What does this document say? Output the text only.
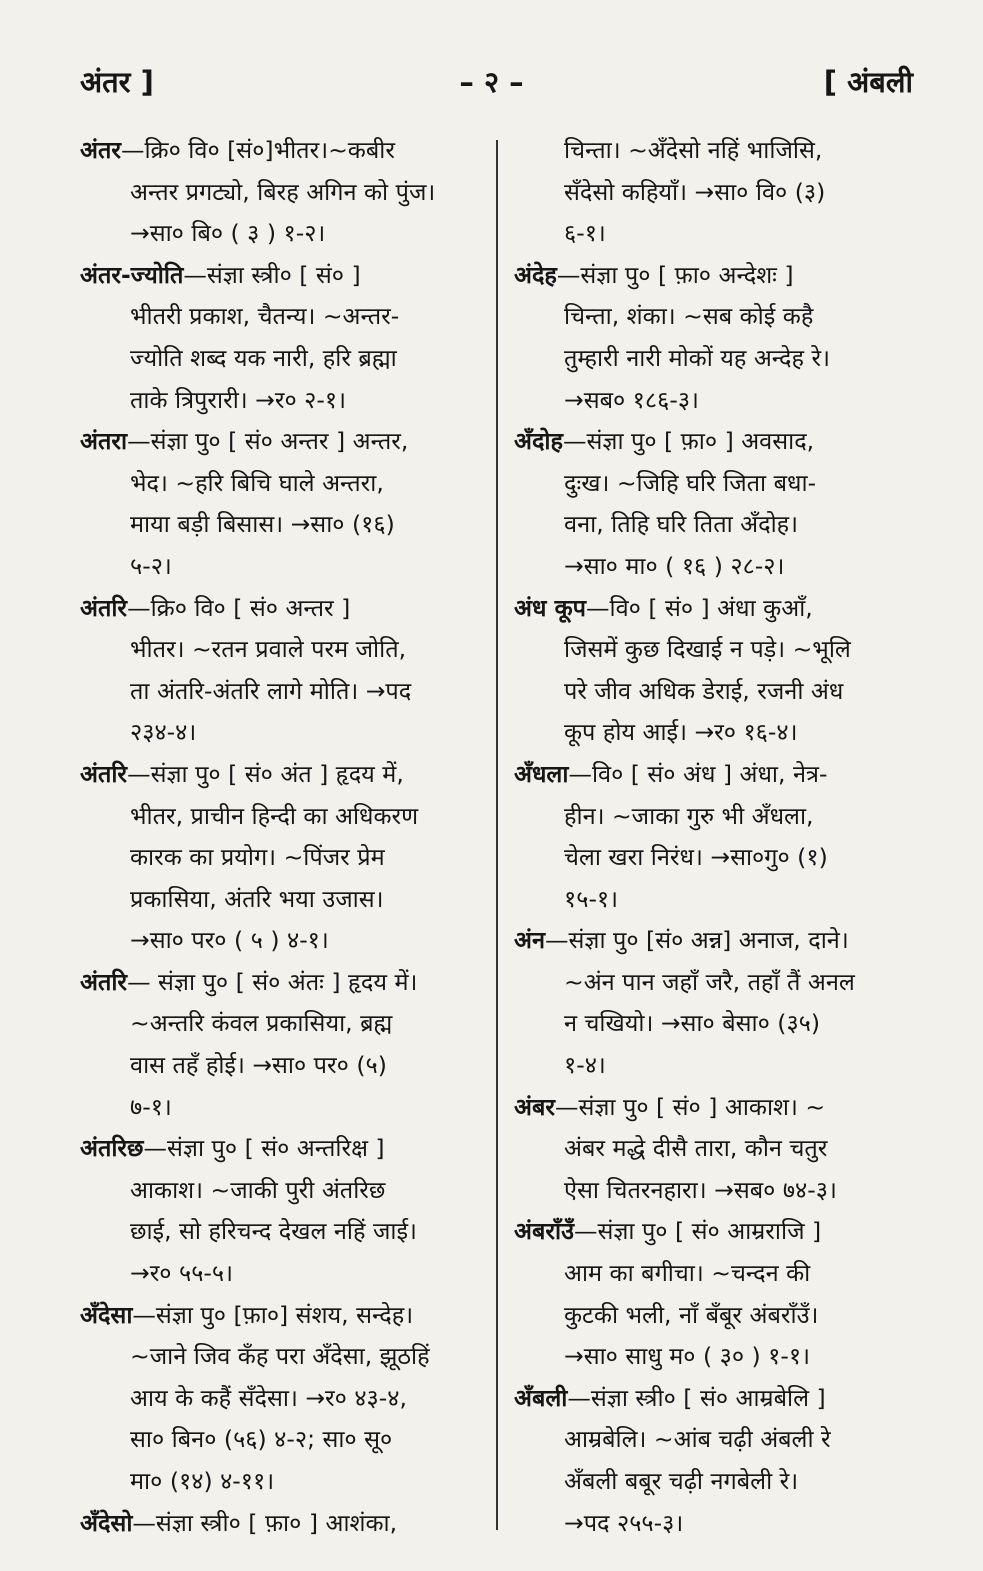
अंतर ]	– २ –	[ अंबली
अंतर—क्रि० वि० [सं०]भीतर।~कबीर
अन्तर प्रगट्यो, बिरह अगिन को पुंज।
→सा० बि० ( ३ ) १-२।
अंतर-ज्योति—संज्ञा स्त्री० [ सं० ]
भीतरी प्रकाश, चैतन्य। ~अन्तर-
ज्योति शब्द यक नारी, हरि ब्रह्मा
ताके त्रिपुरारी। →र० २-१।
अंतरा—संज्ञा पु० [ सं० अन्तर ] अन्तर,
भेद। ~हरि बिचि घाले अन्तरा,
माया बड़ी बिसास। →सा० (१६)
५-२।
अंतरि—क्रि० वि० [ सं० अन्तर ]
भीतर। ~रतन प्रवाले परम जोति,
ता अंतरि-अंतरि लागे मोति। →पद
२३४-४।
अंतरि—संज्ञा पु० [ सं० अंत ] हृदय में,
भीतर, प्राचीन हिन्दी का अधिकरण
कारक का प्रयोग। ~पिंजर प्रेम
प्रकासिया, अंतरि भया उजास।
→सा० पर० ( ५ ) ४-१।
अंतरि— संज्ञा पु० [ सं० अंतः ] हृदय में।
~अन्तरि कंवल प्रकासिया, ब्रह्म
वास तहँ होई। →सा० पर० (५)
७-१।
अंतरिछ—संज्ञा पु० [ सं० अन्तरिक्ष ]
आकाश। ~जाकी पुरी अंतरिछ
छाई, सो हरिचन्द देखल नहिं जाई।
→र० ५५-५।
अँदेसा—संज्ञा पु० [फ़ा०] संशय, सन्देह।
~जाने जिव कँह परा अँदेसा, झूठहिं
आय के कहैं सँदेसा। →र० ४३-४,
सा० बिन० (५६) ४-२; सा० सू०
मा० (१४) ४-११।
अँदेसो—संज्ञा स्त्री० [ फ़ा० ] आशंका,
चिन्ता। ~अँदेसो नहिं भाजिसि,
सँदेसो कहियाँ। →सा० वि० (३)
६-१।
अंदेह—संज्ञा पु० [ फ़ा० अन्देशः ]
चिन्ता, शंका। ~सब कोई कहै
तुम्हारी नारी मोकों यह अन्देह रे।
→सब० १८६-३।
अँदोह—संज्ञा पु० [ फ़ा० ] अवसाद,
दुःख। ~जिहि घरि जिता बधा-
वना, तिहि घरि तिता अँदोह।
→सा० मा० ( १६ ) २८-२।
अंध कूप—वि० [ सं० ] अंधा कुआँ,
जिसमें कुछ दिखाई न पड़े। ~भूलि
परे जीव अधिक डेराई, रजनी अंध
कूप होय आई। →र० १६-४।
अँधला—वि० [ सं० अंध ] अंधा, नेत्र-
हीन। ~जाका गुरु भी अँधला,
चेला खरा निरंध। →सा०गु० (१)
१५-१।
अंन—संज्ञा पु० [सं० अन्न] अनाज, दाने।
~अंन पान जहाँ जरै, तहाँ तैं अनल
न चखियो। →सा० बेसा० (३५)
१-४।
अंबर—संज्ञा पु० [ सं० ] आकाश। ~
अंबर मद्धे दीसै तारा, कौन चतुर
ऐसा चितरनहारा। →सब० ७४-३।
अंबराँउँ—संज्ञा पु० [ सं० आम्रराजि ]
आम का बगीचा। ~चन्दन की
कुटकी भली, नाँ बँबूर अंबराँउँ।
→सा० साधु म० ( ३० ) १-१।
अँबली—संज्ञा स्त्री० [ सं० आम्रबेलि ]
आम्रबेलि। ~आंब चढ़ी अंबली रे
अँबली बबूर चढ़ी नगबेली रे।
→पद २५५-३।
